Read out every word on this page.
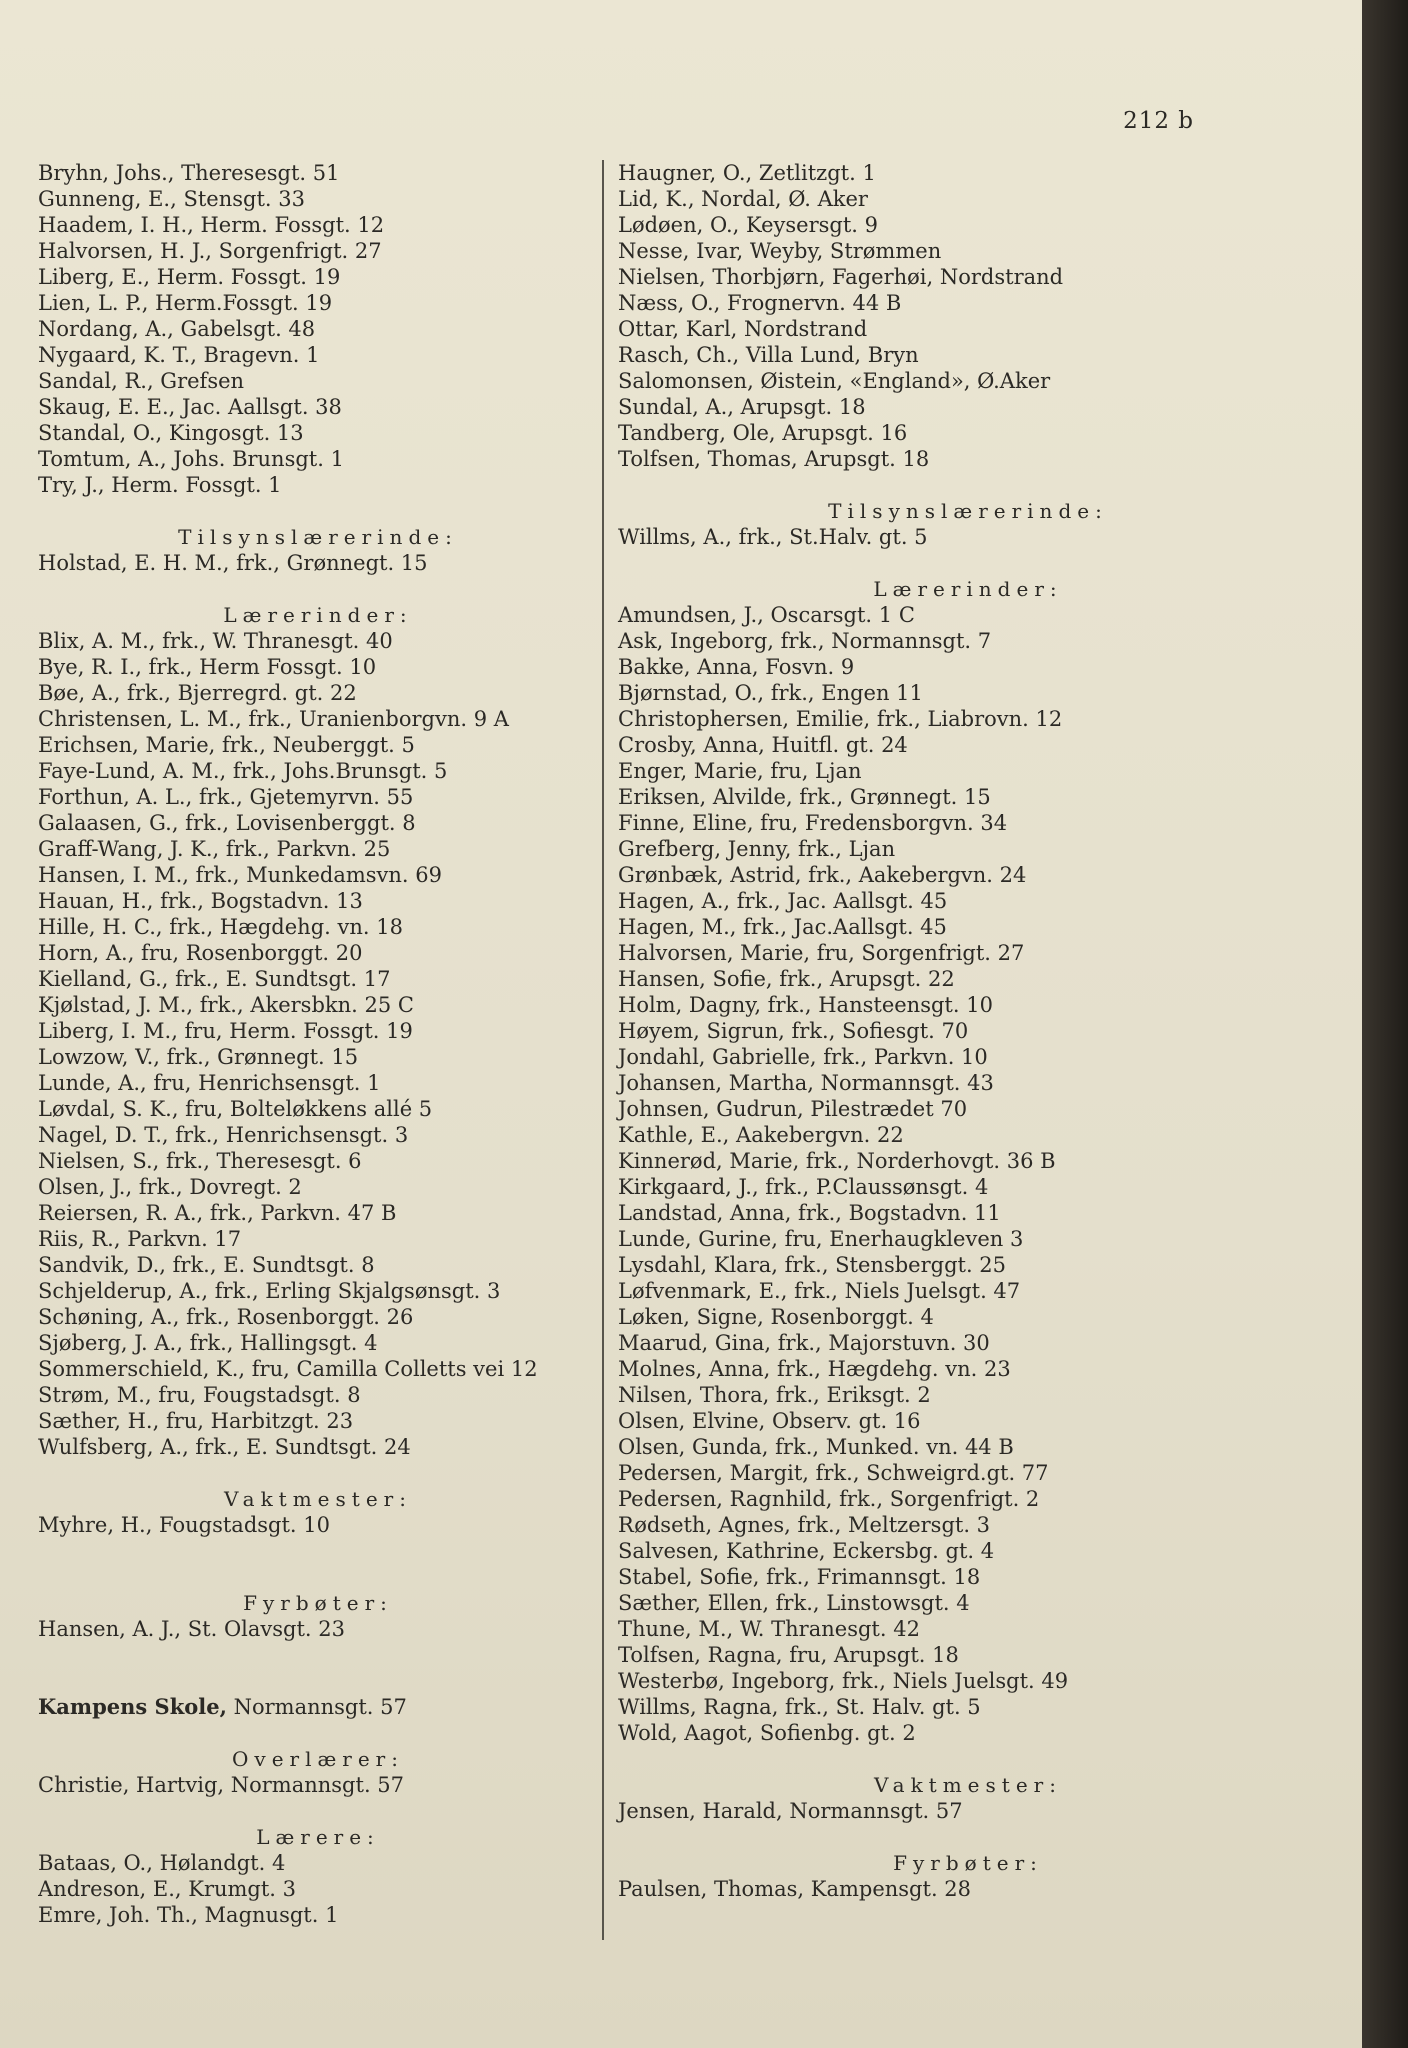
212 b
Bryhn, Johs., Theresesgt. 51
Gunneng, E., Stensgt. 33
Haadem, I. H., Herm. Fossgt. 12
Halvorsen, H. J., Sorgenfrigt. 27
Liberg, E., Herm. Fossgt. 19
Lien, L. P., Herm.Fossgt. 19
Nordang, A., Gabelsgt. 48
Nygaard, K. T., Bragevn. 1
Sandal, R., Grefsen
Skaug, E. E., Jac. Aallsgt. 38
Standal, O., Kingosgt. 13
Tomtum, A., Johs. Brunsgt. 1
Try, J., Herm. Fossgt. 1
Tilsynslærerinde:
Holstad, E. H. M., frk., Grønnegt. 15
Lærerinder:
Blix, A. M., frk., W. Thranesgt. 40
Bye, R. I., frk., Herm Fossgt. 10
Bøe, A., frk., Bjerregrd. gt. 22
Christensen, L. M., frk., Uranienborgvn. 9 A
Erichsen, Marie, frk., Neuberggt. 5
Faye-Lund, A. M., frk., Johs.Brunsgt. 5
Forthun, A. L., frk., Gjetemyrvn. 55
Galaasen, G., frk., Lovisenberggt. 8
Graff-Wang, J. K., frk., Parkvn. 25
Hansen, I. M., frk., Munkedamsvn. 69
Hauan, H., frk., Bogstadvn. 13
Hille, H. C., frk., Hægdehg. vn. 18
Horn, A., fru, Rosenborggt. 20
Kielland, G., frk., E. Sundtsgt. 17
Kjølstad, J. M., frk., Akersbkn. 25 C
Liberg, I. M., fru, Herm. Fossgt. 19
Lowzow, V., frk., Grønnegt. 15
Lunde, A., fru, Henrichsensgt. 1
Løvdal, S. K., fru, Bolteløkkens allé 5
Nagel, D. T., frk., Henrichsensgt. 3
Nielsen, S., frk., Theresesgt. 6
Olsen, J., frk., Dovregt. 2
Reiersen, R. A., frk., Parkvn. 47 B
Riis, R., Parkvn. 17
Sandvik, D., frk., E. Sundtsgt. 8
Schjelderup, A., frk., Erling Skjalgsønsgt. 3
Schøning, A., frk., Rosenborggt. 26
Sjøberg, J. A., frk., Hallingsgt. 4
Sommerschield, K., fru, Camilla Colletts vei 12
Strøm, M., fru, Fougstadsgt. 8
Sæther, H., fru, Harbitzgt. 23
Wulfsberg, A., frk., E. Sundtsgt. 24
Vaktmester:
Myhre, H., Fougstadsgt. 10
Fyrbøter:
Hansen, A. J., St. Olavsgt. 23
Kampens Skole, Normannsgt. 57
Overlærer:
Christie, Hartvig, Normannsgt. 57
Lærere:
Bataas, O., Hølandgt. 4
Andreson, E., Krumgt. 3
Emre, Joh. Th., Magnusgt. 1
Haugner, O., Zetlitzgt. 1
Lid, K., Nordal, Ø. Aker
Lødøen, O., Keysersgt. 9
Nesse, Ivar, Weyby, Strømmen
Nielsen, Thorbjørn, Fagerhøi, Nordstrand
Næss, O., Frognervn. 44 B
Ottar, Karl, Nordstrand
Rasch, Ch., Villa Lund, Bryn
Salomonsen, Øistein, «England», Ø.Aker
Sundal, A., Arupsgt. 18
Tandberg, Ole, Arupsgt. 16
Tolfsen, Thomas, Arupsgt. 18
Tilsynslærerinde:
Willms, A., frk., St.Halv. gt. 5
Lærerinder:
Amundsen, J., Oscarsgt. 1 C
Ask, Ingeborg, frk., Normannsgt. 7
Bakke, Anna, Fosvn. 9
Bjørnstad, O., frk., Engen 11
Christophersen, Emilie, frk., Liabrovn. 12
Crosby, Anna, Huitfl. gt. 24
Enger, Marie, fru, Ljan
Eriksen, Alvilde, frk., Grønnegt. 15
Finne, Eline, fru, Fredensborgvn. 34
Grefberg, Jenny, frk., Ljan
Grønbæk, Astrid, frk., Aakebergvn. 24
Hagen, A., frk., Jac. Aallsgt. 45
Hagen, M., frk., Jac.Aallsgt. 45
Halvorsen, Marie, fru, Sorgenfrigt. 27
Hansen, Sofie, frk., Arupsgt. 22
Holm, Dagny, frk., Hansteensgt. 10
Høyem, Sigrun, frk., Sofiesgt. 70
Jondahl, Gabrielle, frk., Parkvn. 10
Johansen, Martha, Normannsgt. 43
Johnsen, Gudrun, Pilestrædet 70
Kathle, E., Aakebergvn. 22
Kinnerød, Marie, frk., Norderhovgt. 36 B
Kirkgaard, J., frk., P.Claussønsgt. 4
Landstad, Anna, frk., Bogstadvn. 11
Lunde, Gurine, fru, Enerhaugkleven 3
Lysdahl, Klara, frk., Stensberggt. 25
Løfvenmark, E., frk., Niels Juelsgt. 47
Løken, Signe, Rosenborggt. 4
Maarud, Gina, frk., Majorstuvn. 30
Molnes, Anna, frk., Hægdehg. vn. 23
Nilsen, Thora, frk., Eriksgt. 2
Olsen, Elvine, Observ. gt. 16
Olsen, Gunda, frk., Munked. vn. 44 B
Pedersen, Margit, frk., Schweigrd.gt. 77
Pedersen, Ragnhild, frk., Sorgenfrigt. 2
Rødseth, Agnes, frk., Meltzersgt. 3
Salvesen, Kathrine, Eckersbg. gt. 4
Stabel, Sofie, frk., Frimannsgt. 18
Sæther, Ellen, frk., Linstowsgt. 4
Thune, M., W. Thranesgt. 42
Tolfsen, Ragna, fru, Arupsgt. 18
Westerbø, Ingeborg, frk., Niels Juelsgt. 49
Willms, Ragna, frk., St. Halv. gt. 5
Wold, Aagot, Sofienbg. gt. 2
Vaktmester:
Jensen, Harald, Normannsgt. 57
Fyrbøter:
Paulsen, Thomas, Kampensgt. 28
